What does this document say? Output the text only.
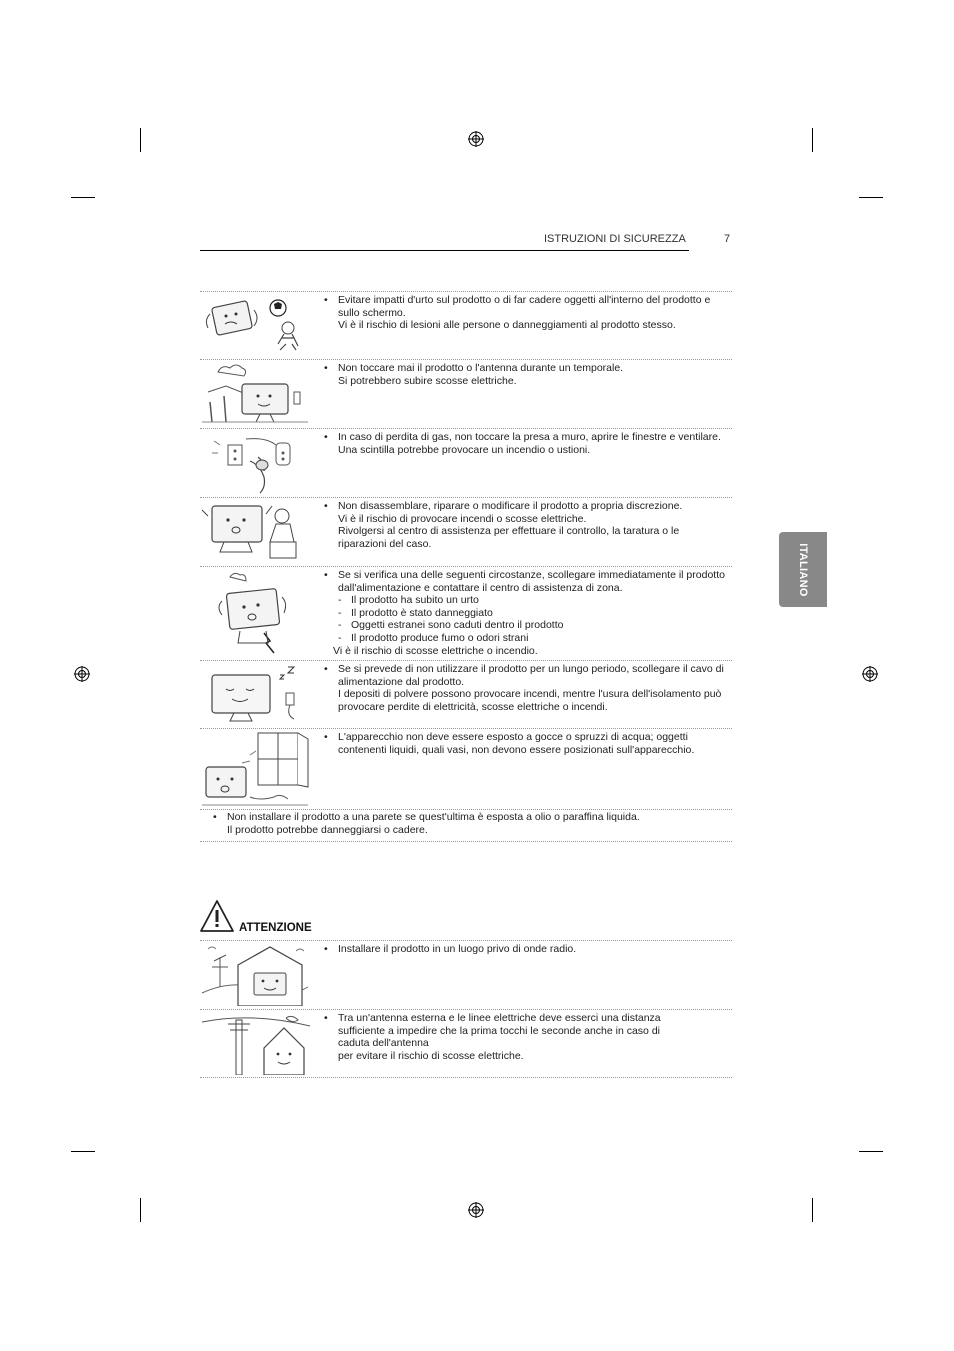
ISTRUZIONI DI SICUREZZA	7
ITALIANO

• Evitare impatti d'urto sul prodotto o di far cadere oggetti all'interno del prodotto e sullo schermo.

Vi è il rischio di lesioni alle persone o danneggiamenti al prodotto stesso.

• Non toccare mai il prodotto o l'antenna durante un temporale.

Si potrebbero subire scosse elettriche.

• In caso di perdita di gas, non toccare la presa a muro, aprire le finestre e ventilare.

Una scintilla potrebbe provocare un incendio o ustioni.

• Non disassemblare, riparare o modificare il prodotto a propria discrezione.

Vi è il rischio di provocare incendi o scosse elettriche.

Rivolgersi al centro di assistenza per effettuare il controllo, la taratura o le riparazioni del caso.

• Se si verifica una delle seguenti circostanze, scollegare immediatamente il prodotto dall'alimentazione e contattare il centro di assistenza di zona.

- Il prodotto ha subito un urto

- Il prodotto è stato danneggiato

- Oggetti estranei sono caduti dentro il prodotto

- Il prodotto produce fumo o odori strani

Vi è il rischio di scosse elettriche o incendio.

• Se si prevede di non utilizzare il prodotto per un lungo periodo, scollegare il cavo di alimentazione dal prodotto.

I depositi di polvere possono provocare incendi, mentre l'usura dell'isolamento può provocare perdite di elettricità, scosse elettriche o incendi.

• L'apparecchio non deve essere esposto a gocce o spruzzi di acqua; oggetti contenenti liquidi, quali vasi, non devono essere posizionati sull'apparecchio.

• Non installare il prodotto a una parete se quest'ultima è esposta a olio o paraffina liquida.

Il prodotto potrebbe danneggiarsi o cadere.

ATTENZIONE

• Installare il prodotto in un luogo privo di onde radio.

• Tra un'antenna esterna e le linee elettriche deve esserci una distanza sufficiente a impedire che la prima tocchi le seconde anche in caso di caduta dell'antenna

per evitare il rischio di scosse elettriche.
